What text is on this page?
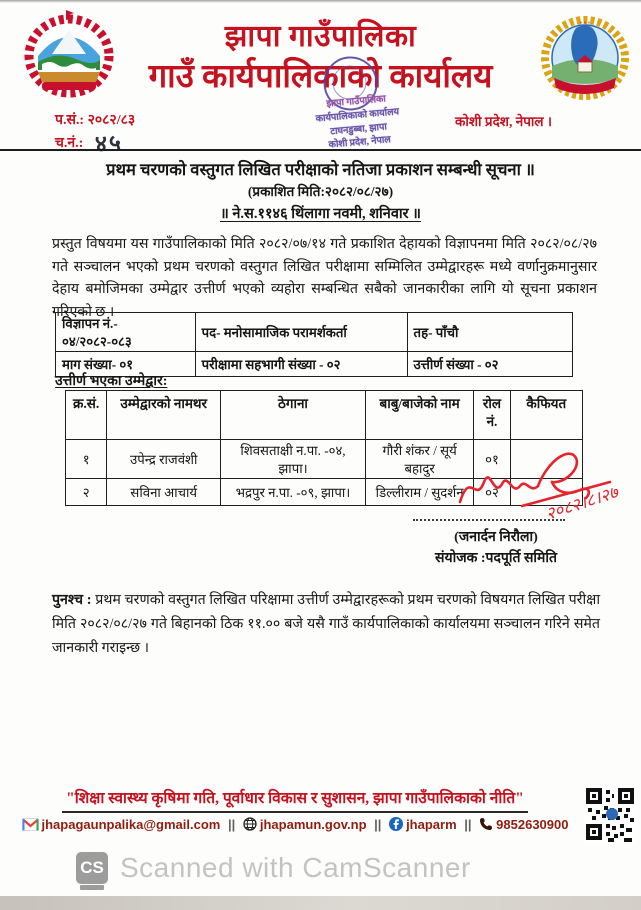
॰ ॰ ॰
झापा गाउँपालिका
गाउँ कार्यपालिकाको कार्यालय
प.सं.: २०८२/८३
च.नं.: ४५
कोशी प्रदेश, नेपाल ।
झापा गाउँपालिका
कार्यपालिकाको कार्यालय
टाघनडुब्बा, झापा
कोशी प्रदेश, नेपाल
प्रथम चरणको वस्तुगत लिखित परीक्षाको नतिजा प्रकाशन सम्बन्धी सूचना ॥
(प्रकाशित मिति:२०८२/०८/२७)
॥ ने.स.११४६ थिंलागा नवमी, शनिवार ॥

प्रस्तुत विषयमा यस गाउँपालिकाको मिति २०८२/०७/१४ गते प्रकाशित देहायको विज्ञापनमा मिति २०८२/०८/२७ गते सञ्चालन भएको प्रथम चरणको वस्तुगत लिखित परीक्षामा सम्मिलित उम्मेद्वारहरू मध्ये वर्णानुक्रमानुसार देहाय बमोजिमका उम्मेद्वार उत्तीर्ण भएको व्यहोरा सम्बन्धित सबैको जानकारीका लागि यो सूचना प्रकाशन गरिएको छ ।

विज्ञापन नं.- ०४/२०८२-०८३	पद- मनोसामाजिक परामर्शकर्ता	तह- पाँचौ
माग संख्या- ०१	परीक्षामा सहभागी संख्या - ०२	उत्तीर्ण संख्या - ०२
उत्तीर्ण भएका उम्मेद्वार:
क्र.सं.	उम्मेद्वारको नामथर	ठेगाना	बाबु/बाजेको नाम	रोल नं.	कैफियत
१	उपेन्द्र राजवंशी	शिवसताक्षी न.पा. -०४, झापा।	गौरी शंकर / सूर्य बहादुर	०१	
२	सविना आचार्य	भद्रपुर न.पा. -०९, झापा।	डिल्लीराम / सुदर्शन	०२		२०८२।८।२७
(जनार्दन निरौला)
संयोजक :पदपूर्ति समिति

पुनश्च : प्रथम चरणको वस्तुगत लिखित परिक्षामा उत्तीर्ण उम्मेद्वारहरूको प्रथम चरणको विषयगत लिखित परीक्षा मिति २०८२/०८/२७ गते बिहानको ठिक ११.०० बजे यसै गाउँ कार्यपालिकाको कार्यालयमा सञ्चालन गरिने समेत जानकारी गराइन्छ ।

"शिक्षा स्वास्थ्य कृषिमा गति, पूर्वाधार विकास र सुशासन, झापा गाउँपालिकाको नीति"
jhapagaunpalika@gmail.com || jhapamun.gov.np || jhaparm || 9852630900
CS Scanned with CamScanner
